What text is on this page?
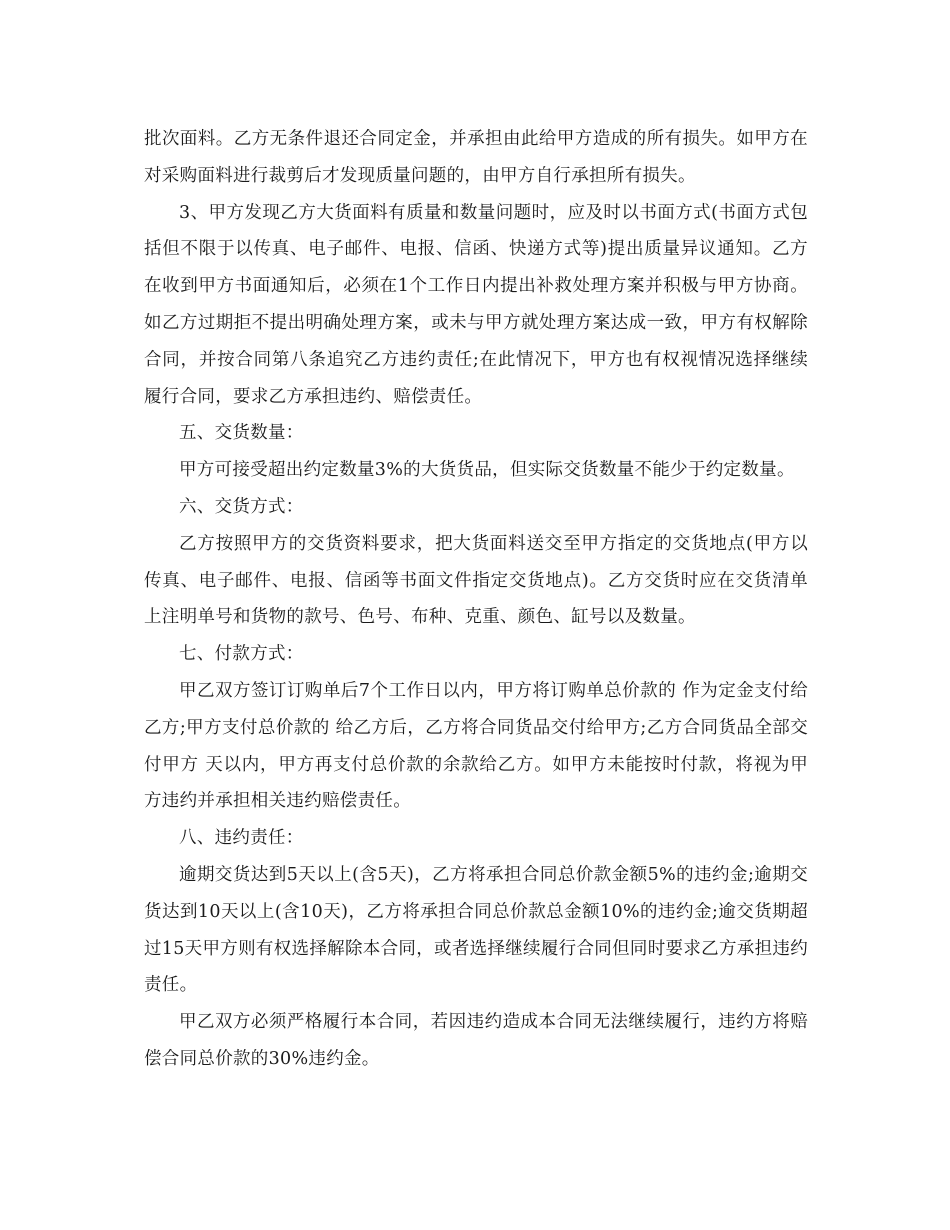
批次面料。乙方无条件退还合同定金，并承担由此给甲方造成的所有损失。如甲方在对采购面料进行裁剪后才发现质量问题的，由甲方自行承担所有损失。

3、甲方发现乙方大货面料有质量和数量问题时，应及时以书面方式(书面方式包括但不限于以传真、电子邮件、电报、信函、快递方式等)提出质量异议通知。乙方在收到甲方书面通知后，必须在1个工作日内提出补救处理方案并积极与甲方协商。如乙方过期拒不提出明确处理方案，或未与甲方就处理方案达成一致，甲方有权解除合同，并按合同第八条追究乙方违约责任;在此情况下，甲方也有权视情况选择继续履行合同，要求乙方承担违约、赔偿责任。

五、交货数量：

甲方可接受超出约定数量3%的大货货品，但实际交货数量不能少于约定数量。

六、交货方式：

乙方按照甲方的交货资料要求，把大货面料送交至甲方指定的交货地点(甲方以传真、电子邮件、电报、信函等书面文件指定交货地点)。乙方交货时应在交货清单上注明单号和货物的款号、色号、布种、克重、颜色、缸号以及数量。

七、付款方式：

甲乙双方签订订购单后7个工作日以内，甲方将订购单总价款的 作为定金支付给乙方;甲方支付总价款的 给乙方后，乙方将合同货品交付给甲方;乙方合同货品全部交付甲方 天以内，甲方再支付总价款的余款给乙方。如甲方未能按时付款，将视为甲方违约并承担相关违约赔偿责任。

八、违约责任：

逾期交货达到5天以上(含5天)，乙方将承担合同总价款金额5%的违约金;逾期交货达到10天以上(含10天)，乙方将承担合同总价款总金额10%的违约金;逾交货期超过15天甲方则有权选择解除本合同，或者选择继续履行合同但同时要求乙方承担违约责任。

甲乙双方必须严格履行本合同，若因违约造成本合同无法继续履行，违约方将赔偿合同总价款的30%违约金。
